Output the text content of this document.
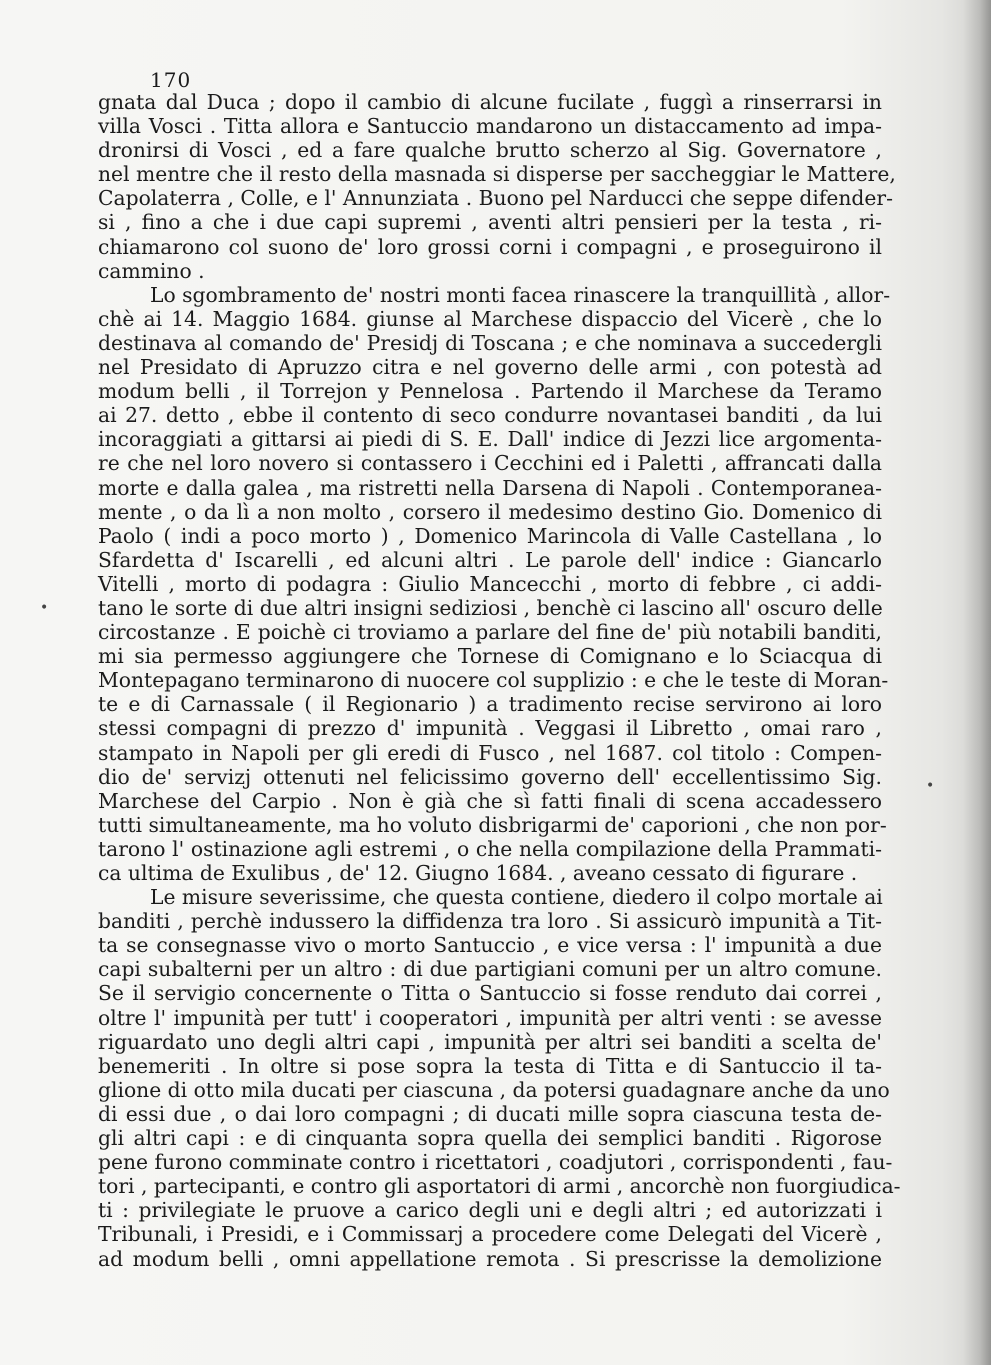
170
gnata dal Duca ; dopo il cambio di alcune fucilate , fuggì a rinserrarsi in
villa Vosci . Titta allora e Santuccio mandarono un distaccamento ad impa-
dronirsi di Vosci , ed a fare qualche brutto scherzo al Sig. Governatore ,
nel mentre che il resto della masnada si disperse per saccheggiar le Mattere,
Capolaterra , Colle, e l' Annunziata . Buono pel Narducci che seppe difender-
si , fino a che i due capi supremi , aventi altri pensieri per la testa , ri-
chiamarono col suono de' loro grossi corni i compagni , e proseguirono il
cammino .
Lo sgombramento de' nostri monti facea rinascere la tranquillità , allor-
chè ai 14. Maggio 1684. giunse al Marchese dispaccio del Vicerè , che lo
destinava al comando de' Presidj di Toscana ; e che nominava a succedergli
nel Presidato di Apruzzo citra e nel governo delle armi , con potestà ad
modum belli , il Torrejon y Pennelosa . Partendo il Marchese da Teramo
ai 27. detto , ebbe il contento di seco condurre novantasei banditi , da lui
incoraggiati a gittarsi ai piedi di S. E. Dall' indice di Jezzi lice argomenta-
re che nel loro novero si contassero i Cecchini ed i Paletti , affrancati dalla
morte e dalla galea , ma ristretti nella Darsena di Napoli . Contemporanea-
mente , o da lì a non molto , corsero il medesimo destino Gio. Domenico di
Paolo ( indi a poco morto ) , Domenico Marincola di Valle Castellana , lo
Sfardetta d' Iscarelli , ed alcuni altri . Le parole dell' indice : Giancarlo
Vitelli , morto di podagra : Giulio Mancecchi , morto di febbre , ci addi-
tano le sorte di due altri insigni sediziosi , benchè ci lascino all' oscuro delle
circostanze . E poichè ci troviamo a parlare del fine de' più notabili banditi,
mi sia permesso aggiungere che Tornese di Comignano e lo Sciacqua di
Montepagano terminarono di nuocere col supplizio : e che le teste di Moran-
te e di Carnassale ( il Regionario ) a tradimento recise servirono ai loro
stessi compagni di prezzo d' impunità . Veggasi il Libretto , omai raro ,
stampato in Napoli per gli eredi di Fusco , nel 1687. col titolo : Compen-
dio de' servizj ottenuti nel felicissimo governo dell' eccellentissimo Sig.
Marchese del Carpio . Non è già che sì fatti finali di scena accadessero
tutti simultaneamente, ma ho voluto disbrigarmi de' caporioni , che non por-
tarono l' ostinazione agli estremi , o che nella compilazione della Prammati-
ca ultima de Exulibus , de' 12. Giugno 1684. , aveano cessato di figurare .
Le misure severissime, che questa contiene, diedero il colpo mortale ai
banditi , perchè indussero la diffidenza tra loro . Si assicurò impunità a Tit-
ta se consegnasse vivo o morto Santuccio , e vice versa : l' impunità a due
capi subalterni per un altro : di due partigiani comuni per un altro comune.
Se il servigio concernente o Titta o Santuccio si fosse renduto dai correi ,
oltre l' impunità per tutt' i cooperatori , impunità per altri venti : se avesse
riguardato uno degli altri capi , impunità per altri sei banditi a scelta de'
benemeriti . In oltre si pose sopra la testa di Titta e di Santuccio il ta-
glione di otto mila ducati per ciascuna , da potersi guadagnare anche da uno
di essi due , o dai loro compagni ; di ducati mille sopra ciascuna testa de-
gli altri capi : e di cinquanta sopra quella dei semplici banditi . Rigorose
pene furono comminate contro i ricettatori , coadjutori , corrispondenti , fau-
tori , partecipanti, e contro gli asportatori di armi , ancorchè non fuorgiudica-
ti : privilegiate le pruove a carico degli uni e degli altri ; ed autorizzati i
Tribunali, i Presidi, e i Commissarj a procedere come Delegati del Vicerè ,
ad modum belli , omni appellatione remota . Si prescrisse la demolizione
•
•
